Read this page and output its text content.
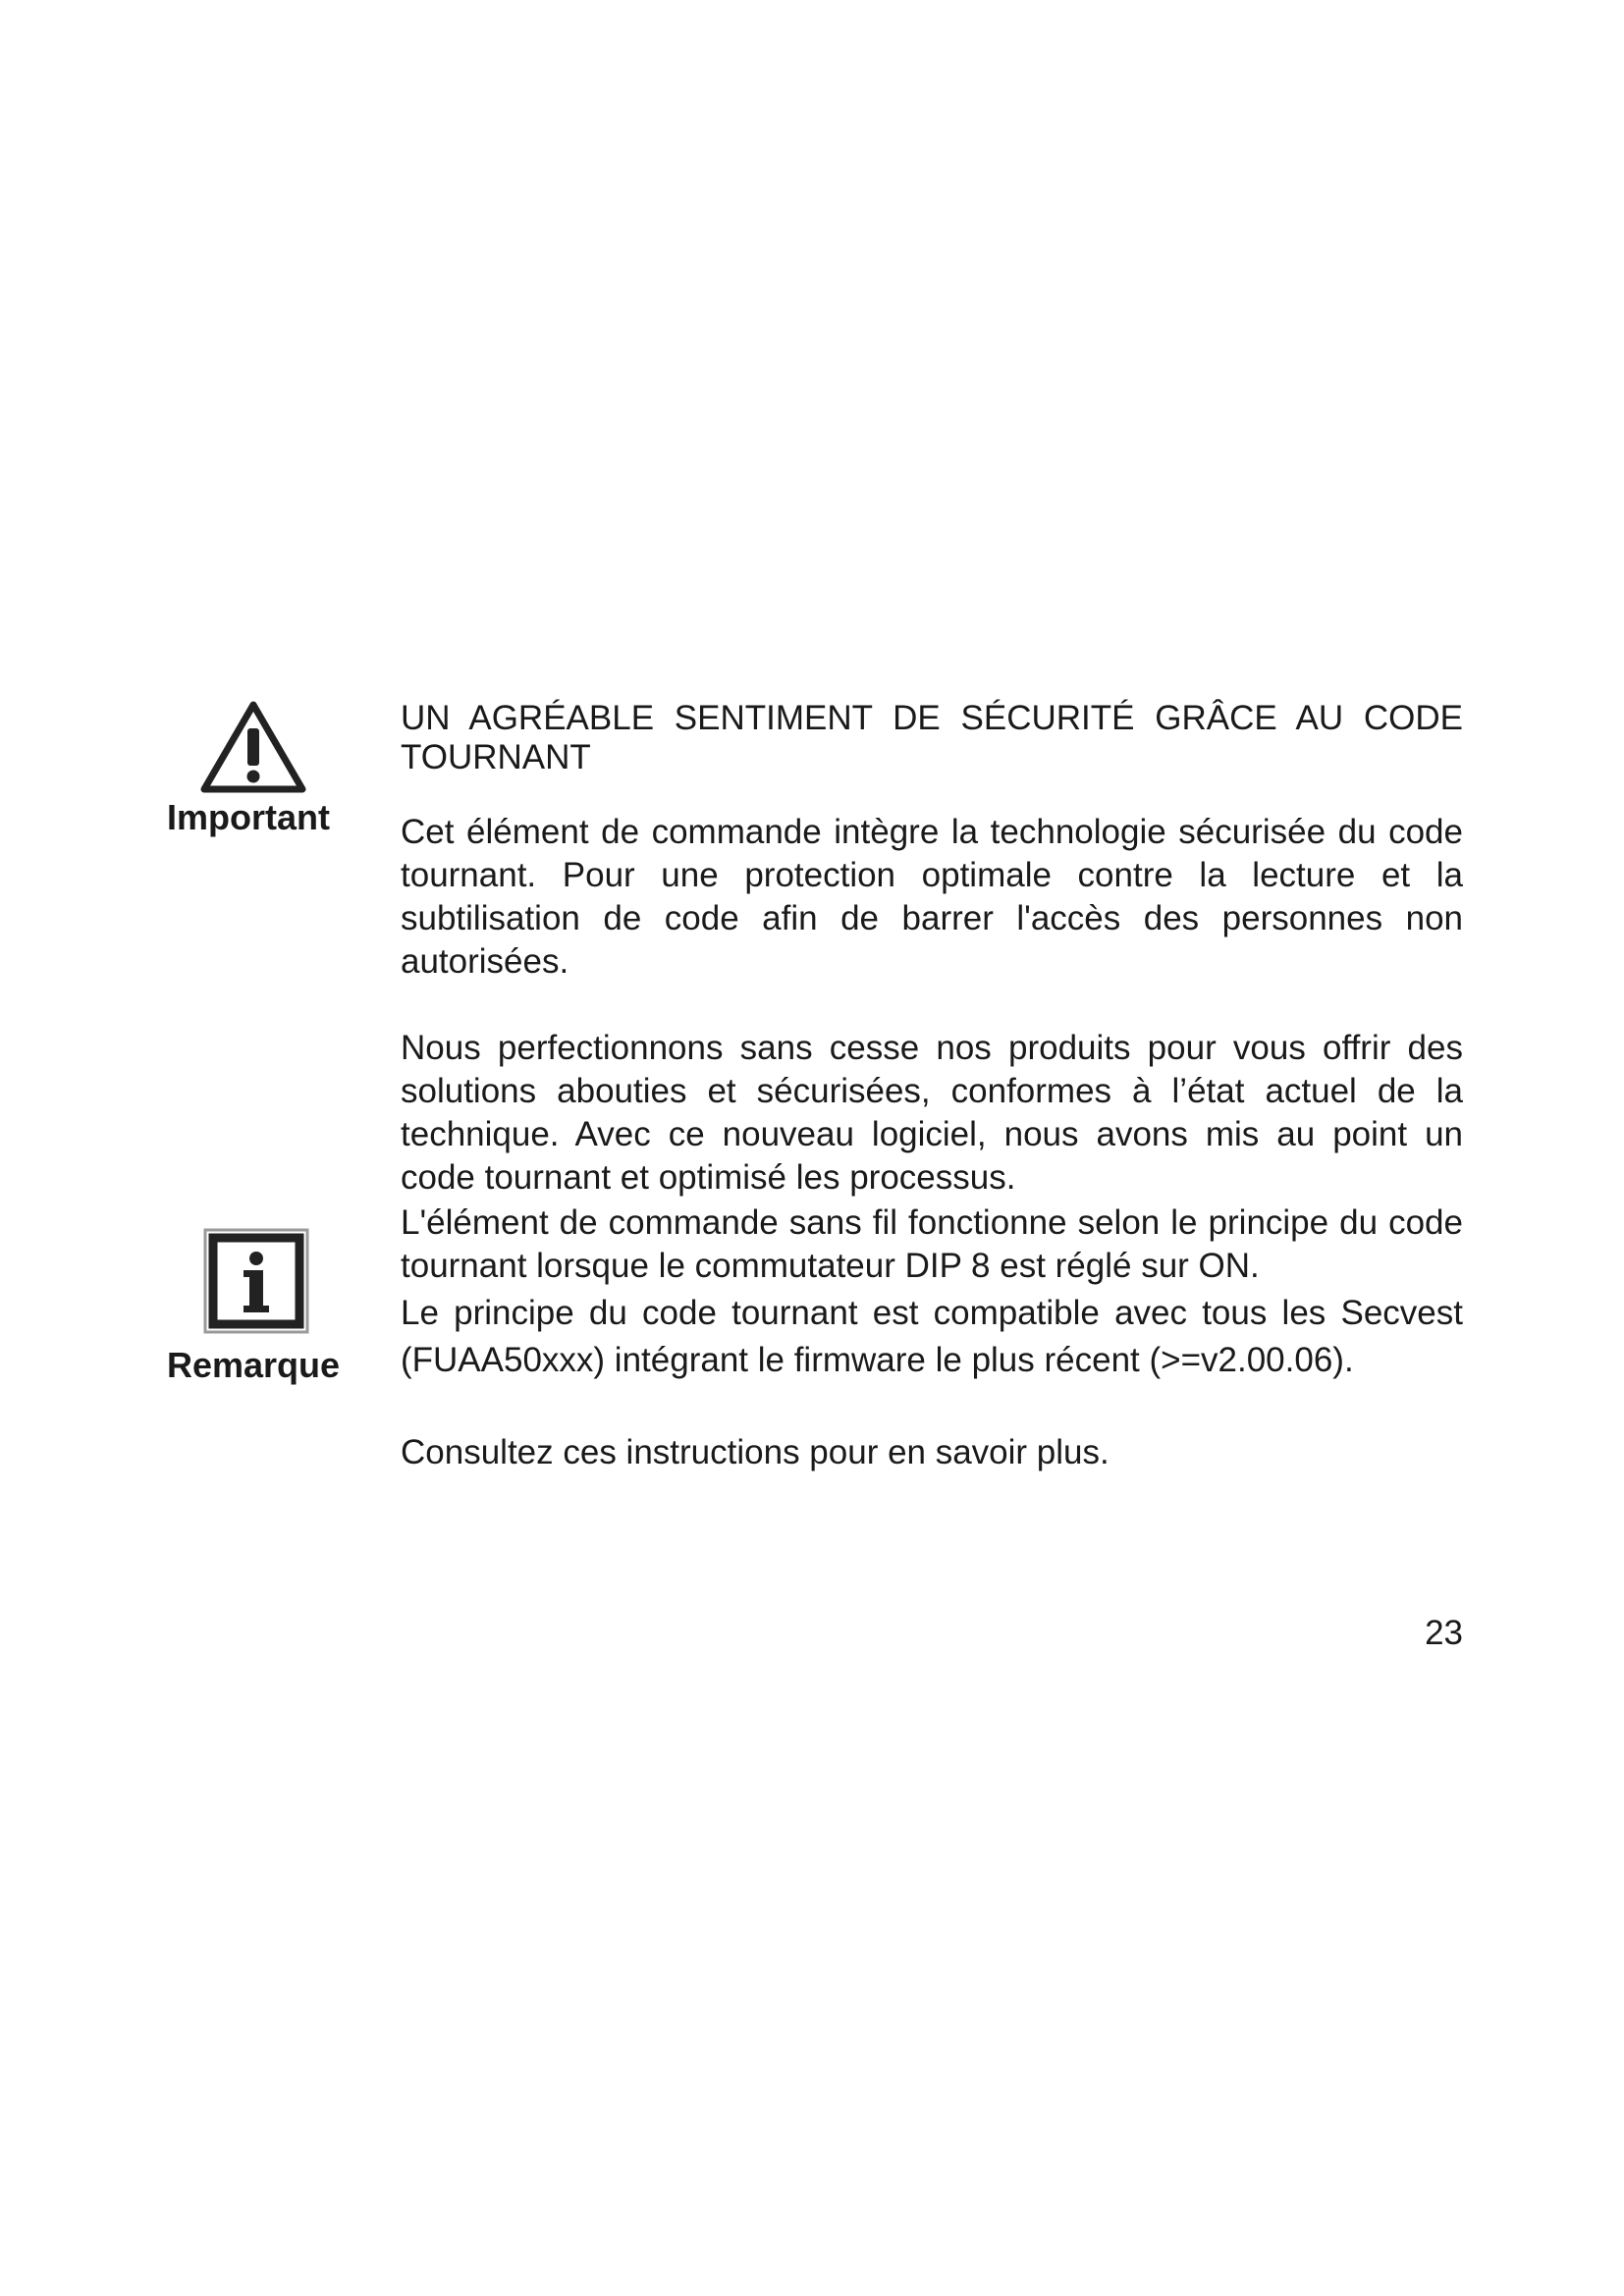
Important
Remarque
UN AGRÉABLE SENTIMENT DE SÉCURITÉ GRÂCE AU CODE TOURNANT

Cet élément de commande intègre la technologie sécurisée du code tournant. Pour une protection optimale contre la lecture et la subtilisation de code afin de barrer l'accès des personnes non autorisées.

Nous perfectionnons sans cesse nos produits pour vous offrir des solutions abouties et sécurisées, conformes à l’état actuel de la technique. Avec ce nouveau logiciel, nous avons mis au point un code tournant et optimisé les processus.

L'élément de commande sans fil fonctionne selon le principe du code tournant lorsque le commutateur DIP 8 est réglé sur ON.

Le principe du code tournant est compatible avec tous les Secvest (FUAA50xxx) intégrant le firmware le plus récent (>=v2.00.06).

Consultez ces instructions pour en savoir plus.

23
